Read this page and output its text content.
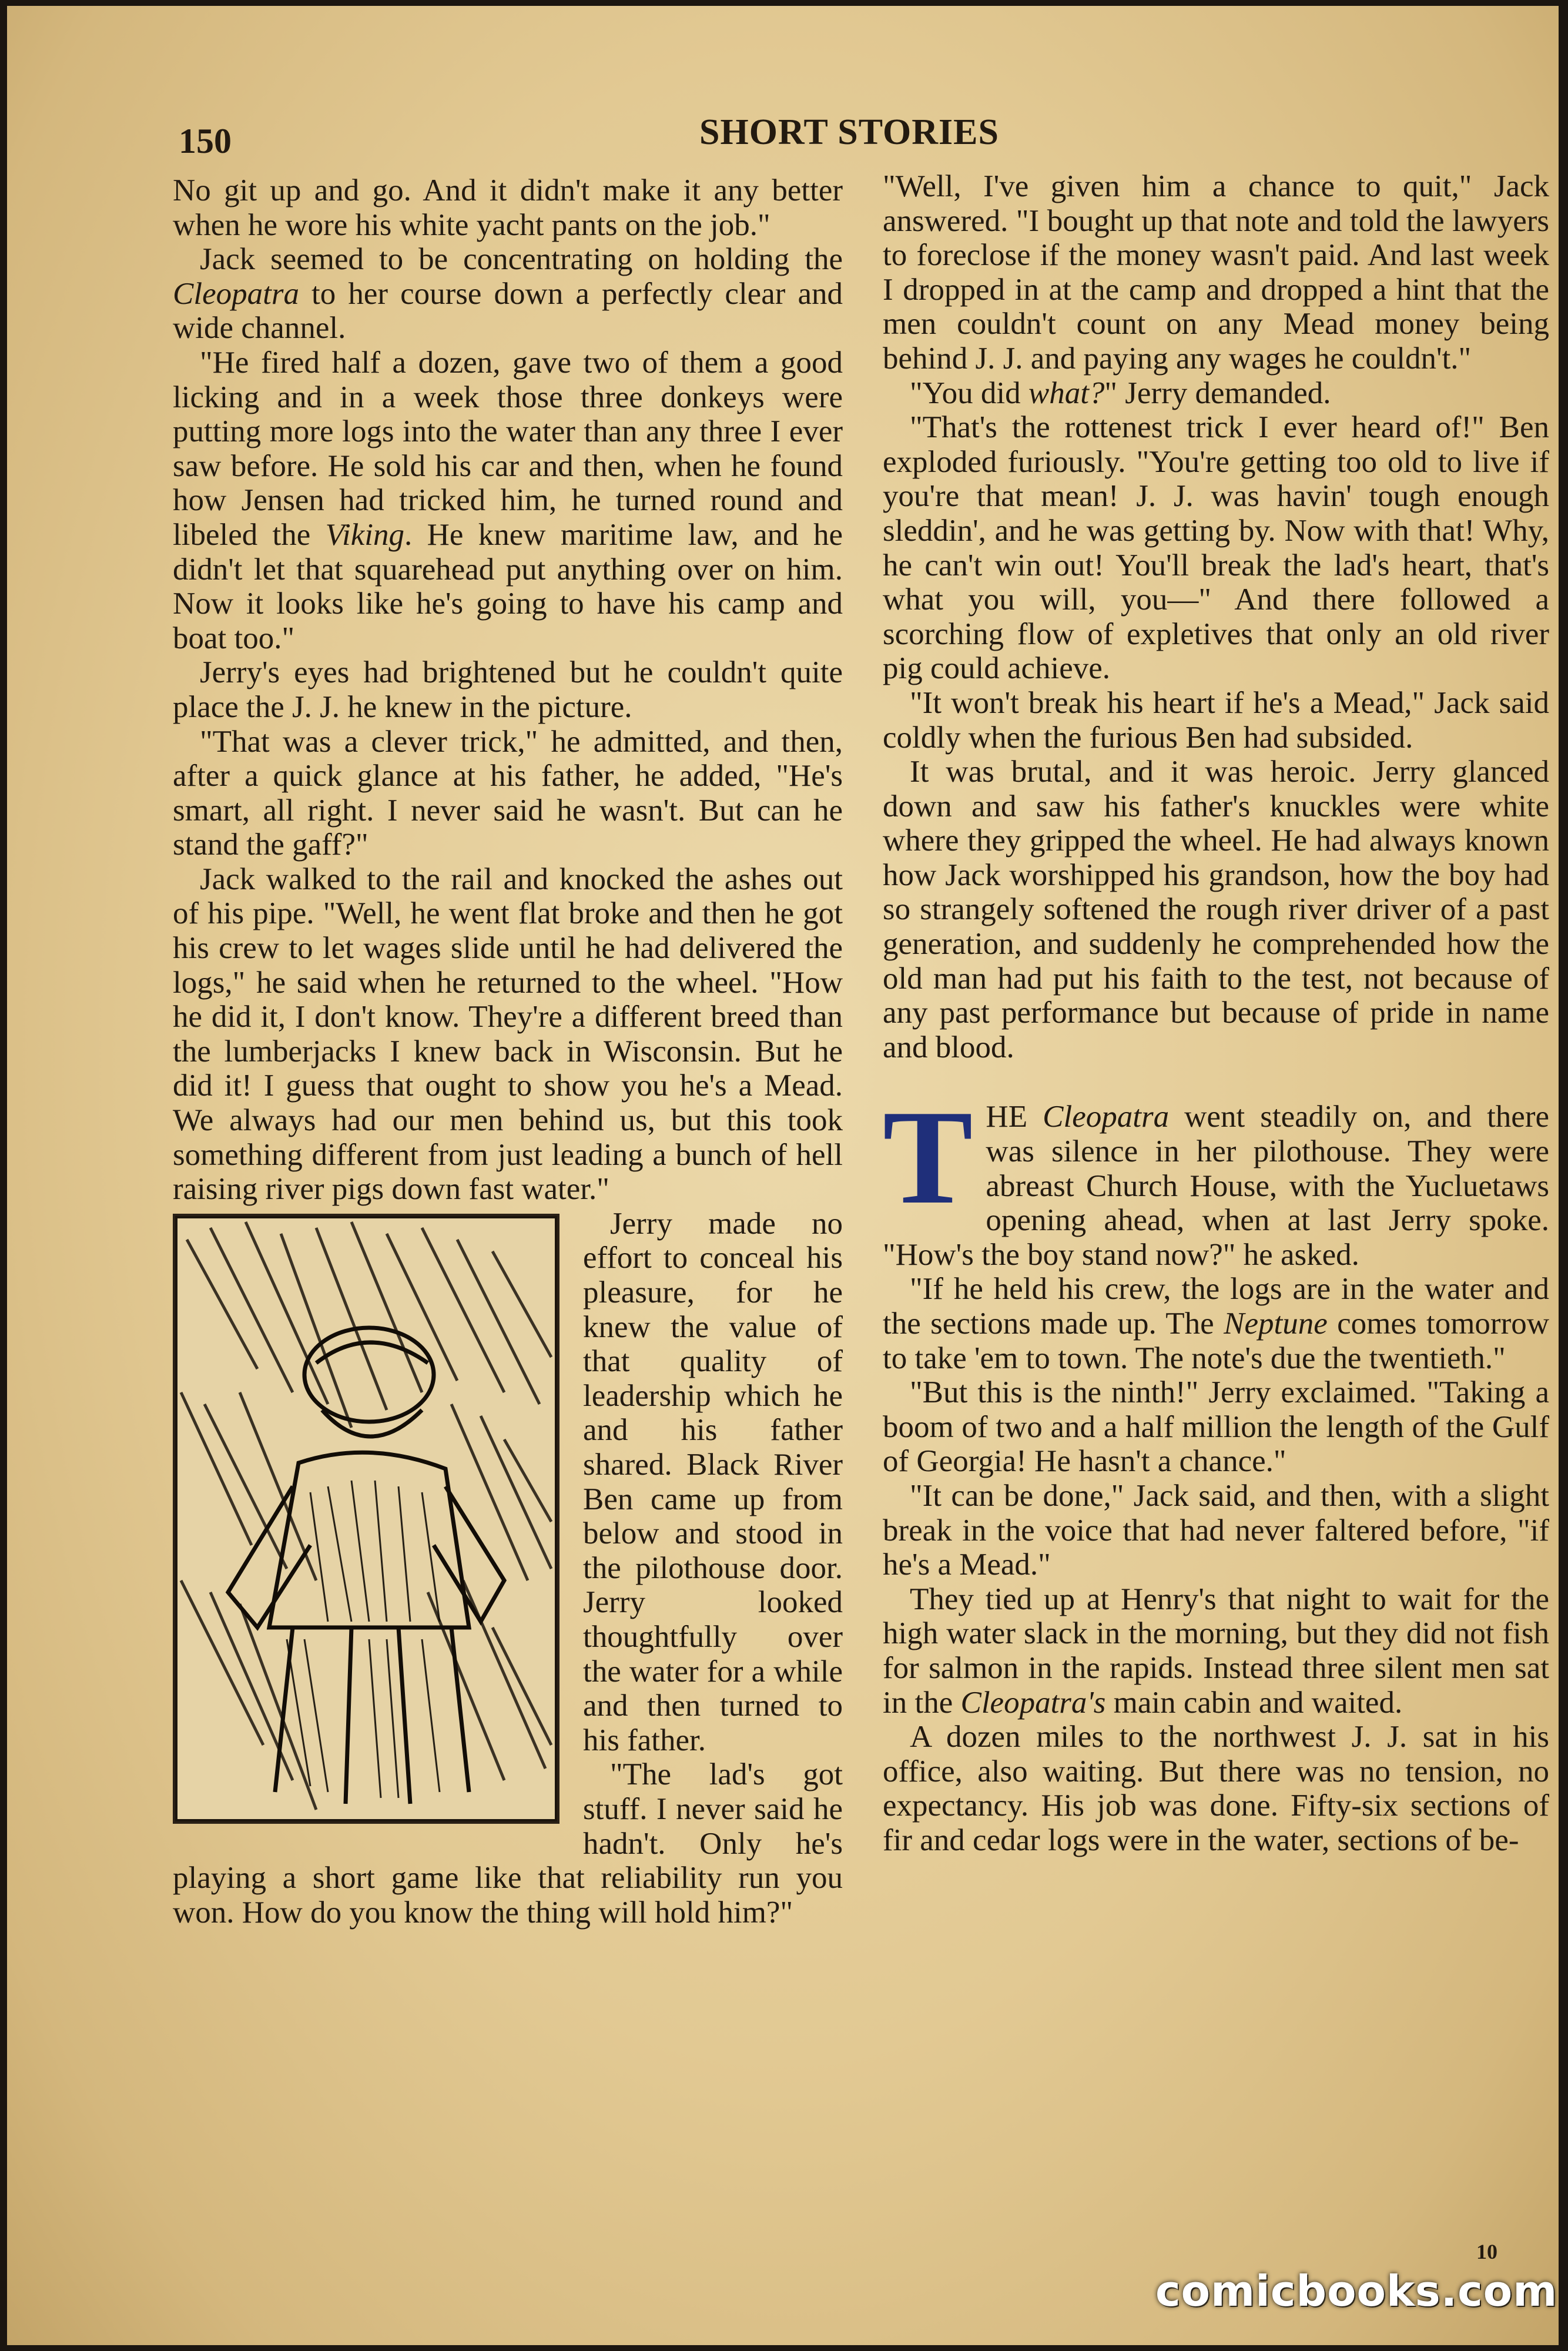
150	SHORT STORIES

No git up and go. And it didn't make it any better when he wore his white yacht pants on the job."

Jack seemed to be concentrating on holding the Cleopatra to her course down a perfectly clear and wide channel.

"He fired half a dozen, gave two of them a good licking and in a week those three donkeys were putting more logs into the water than any three I ever saw before. He sold his car and then, when he found how Jensen had tricked him, he turned round and libeled the Viking. He knew maritime law, and he didn't let that squarehead put anything over on him. Now it looks like he's going to have his camp and boat too."

Jerry's eyes had brightened but he couldn't quite place the J. J. he knew in the picture.

"That was a clever trick," he admitted, and then, after a quick glance at his father, he added, "He's smart, all right. I never said he wasn't. But can he stand the gaff?"

Jack walked to the rail and knocked the ashes out of his pipe. "Well, he went flat broke and then he got his crew to let wages slide until he had delivered the logs," he said when he returned to the wheel. "How he did it, I don't know. They're a different breed than the lumberjacks I knew back in Wisconsin. But he did it! I guess that ought to show you he's a Mead. We always had our men behind us, but this took something different from just leading a bunch of hell raising river pigs down fast water."

Jerry made no effort to conceal his pleasure, for he knew the value of that quality of leadership which he and his father shared. Black River Ben came up from below and stood in the pilothouse door. Jerry looked thoughtfully over the water for a while and then turned to his father.

"The lad's got stuff. I never said he hadn't. Only he's playing a short game like that reliability run you won. How do you know the thing will hold him?"

"Well, I've given him a chance to quit," Jack answered. "I bought up that note and told the lawyers to foreclose if the money wasn't paid. And last week I dropped in at the camp and dropped a hint that the men couldn't count on any Mead money being behind J. J. and paying any wages he couldn't."

"You did what?" Jerry demanded.

"That's the rottenest trick I ever heard of!" Ben exploded furiously. "You're getting too old to live if you're that mean! J. J. was havin' tough enough sleddin', and he was getting by. Now with that! Why, he can't win out! You'll break the lad's heart, that's what you will, you—" And there followed a scorching flow of expletives that only an old river pig could achieve.

"It won't break his heart if he's a Mead," Jack said coldly when the furious Ben had subsided.

It was brutal, and it was heroic. Jerry glanced down and saw his father's knuckles were white where they gripped the wheel. He had always known how Jack worshipped his grandson, how the boy had so strangely softened the rough river driver of a past generation, and suddenly he comprehended how the old man had put his faith to the test, not because of any past performance but because of pride in name and blood.

THE Cleopatra went steadily on, and there was silence in her pilothouse. They were abreast Church House, with the Yucluetaws opening ahead, when at last Jerry spoke. "How's the boy stand now?" he asked.

"If he held his crew, the logs are in the water and the sections made up. The Neptune comes tomorrow to take 'em to town. The note's due the twentieth."

"But this is the ninth!" Jerry exclaimed. "Taking a boom of two and a half million the length of the Gulf of Georgia! He hasn't a chance."

"It can be done," Jack said, and then, with a slight break in the voice that had never faltered before, "if he's a Mead."

They tied up at Henry's that night to wait for the high water slack in the morning, but they did not fish for salmon in the rapids. Instead three silent men sat in the Cleopatra's main cabin and waited.

A dozen miles to the northwest J. J. sat in his office, also waiting. But there was no tension, no expectancy. His job was done. Fifty-six sections of fir and cedar logs were in the water, sections of be-

10
comicbooks.com
